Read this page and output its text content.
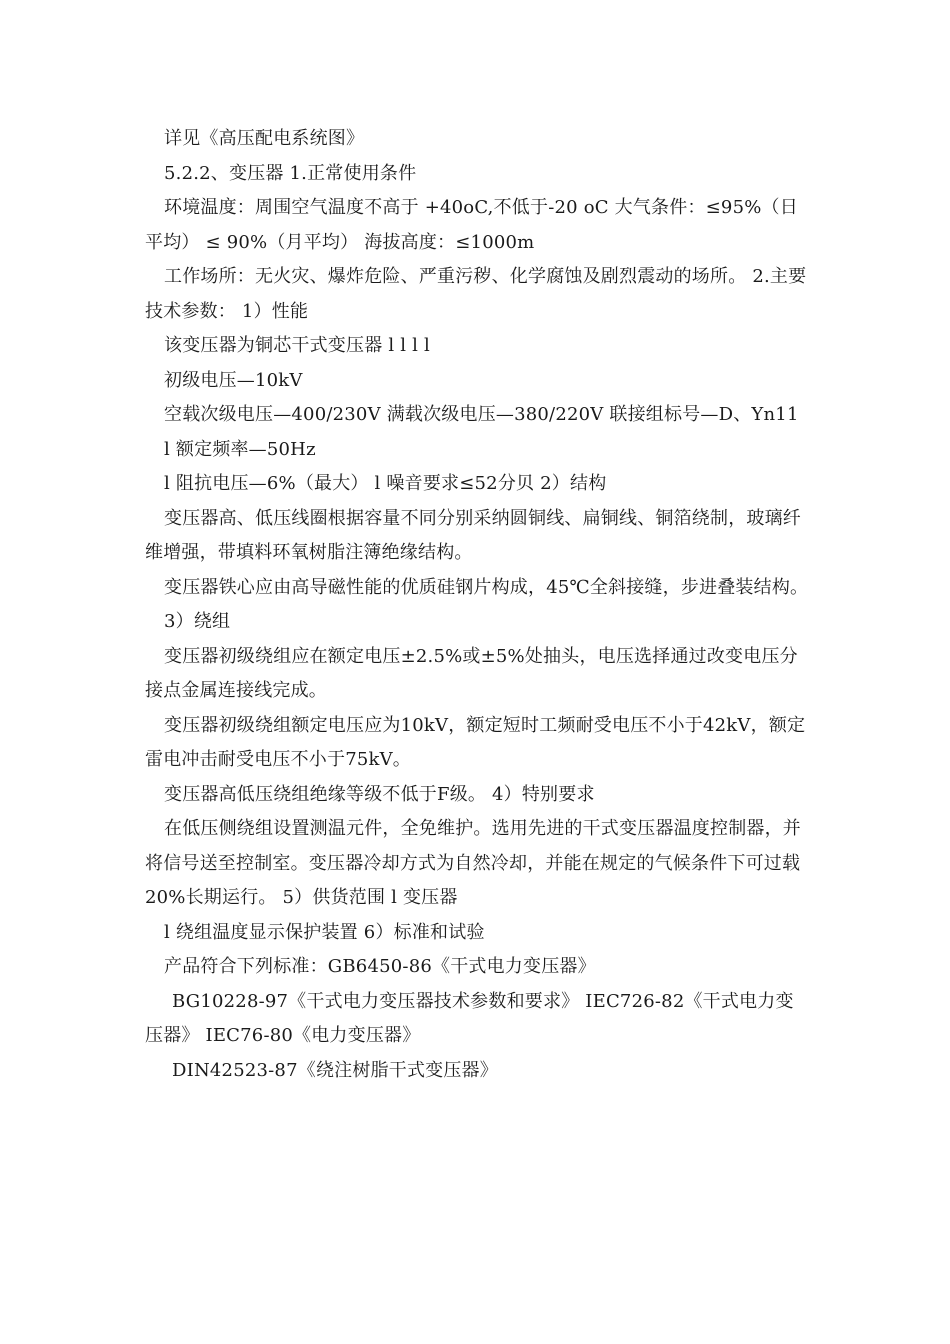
详见《高压配电系统图》

5.2.2、变压器 1.正常使用条件

环境温度：周围空气温度不高于 +40oC,不低于-20 oC 大气条件：≤95%（日平均） ≤ 90%（月平均） 海拔高度：≤1000m

工作场所：无火灾、爆炸危险、严重污秽、化学腐蚀及剧烈震动的场所。 2.主要技术参数： 1）性能

该变压器为铜芯干式变压器 l l l l

初级电压—10kV

空载次级电压—400/230V 满载次级电压—380/220V 联接组标号—D、Yn11

l 额定频率—50Hz

l 阻抗电压—6%（最大） l 噪音要求≤52分贝 2）结构

变压器高、低压线圈根据容量不同分别采纳圆铜线、扁铜线、铜箔绕制，玻璃纤维增强，带填料环氧树脂注簿绝缘结构。

变压器铁心应由高导磁性能的优质硅钢片构成，45℃全斜接缝，步进叠装结构。

3）绕组

变压器初级绕组应在额定电压±2.5%或±5%处抽头，电压选择通过改变电压分接点金属连接线完成。

变压器初级绕组额定电压应为10kV，额定短时工频耐受电压不小于42kV，额定雷电冲击耐受电压不小于75kV。

变压器高低压绕组绝缘等级不低于F级。 4）特别要求

在低压侧绕组设置测温元件，全免维护。选用先进的干式变压器温度控制器，并将信号送至控制室。变压器冷却方式为自然冷却，并能在规定的气候条件下可过载20%长期运行。 5）供货范围 l 变压器

l 绕组温度显示保护装置 6）标准和试验

产品符合下列标准：GB6450-86《干式电力变压器》

BG10228-97《干式电力变压器技术参数和要求》 IEC726-82《干式电力变压器》 IEC76-80《电力变压器》

DIN42523-87《绕注树脂干式变压器》
